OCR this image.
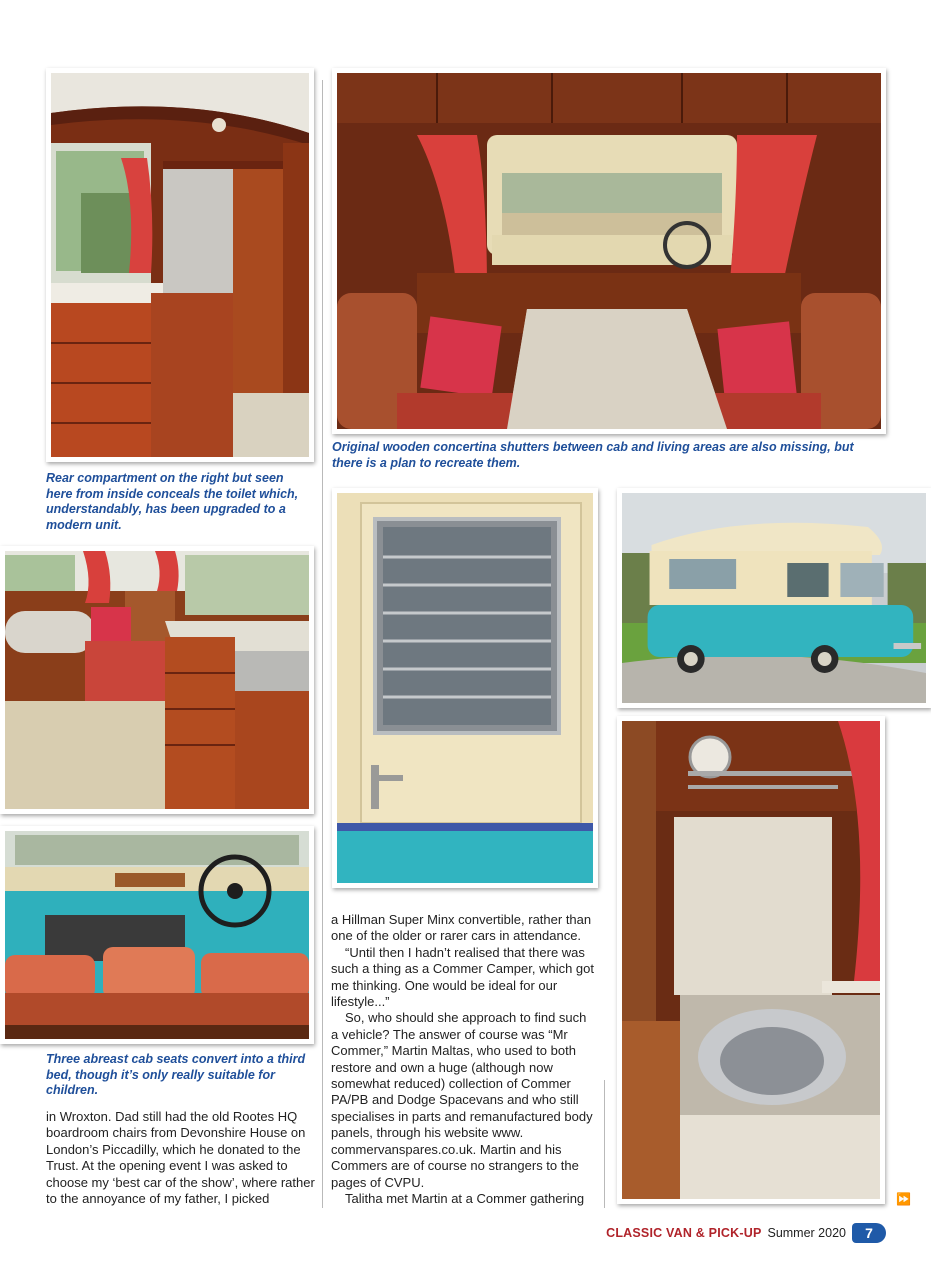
Original wooden concertina shutters between cab and living areas are also missing, but there is a plan to recreate them.
Rear compartment on the right but seen here from inside conceals the toilet which, understandably, has been upgraded to a modern unit.
Three abreast cab seats convert into a third bed, though it’s only really suitable for children.

in Wroxton. Dad still had the old Rootes HQ boardroom chairs from Devonshire House on London’s Piccadilly, which he donated to the Trust. At the opening event I was asked to choose my ‘best car of the show’, where rather to the annoyance of my father, I picked

a Hillman Super Minx convertible, rather than one of the older or rarer cars in attendance.

“Until then I hadn’t realised that there was such a thing as a Commer Camper, which got me thinking. One would be ideal for our lifestyle...”

So, who should she approach to find such a vehicle? The answer of course was “Mr Commer,” Martin Maltas, who used to both restore and own a huge (although now somewhat reduced) collection of Commer PA/PB and Dodge Spacevans and who still specialises in parts and remanufactured body panels, through his website www. commervanspares.co.uk. Martin and his Commers are of course no strangers to the pages of CVPU.

Talitha met Martin at a Commer gathering	⏩
CLASSIC VAN & PICK-UP Summer 2020	7
